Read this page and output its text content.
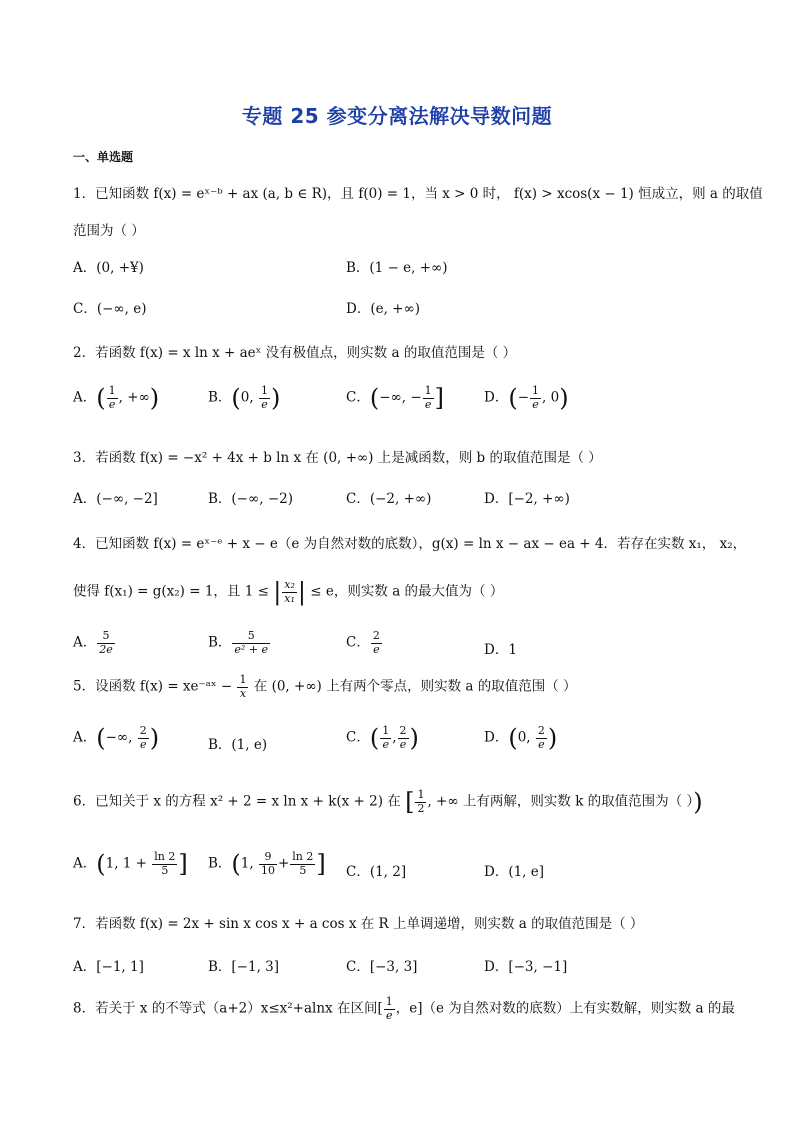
专题 25 参变分离法解决导数问题
一、单选题
1．已知函数 f(x) = eˣ⁻ᵇ + ax (a, b ∈ R)，且 f(0) = 1，当 x > 0 时， f(x) > xcos(x − 1) 恒成立，则 a 的取值
范围为（ ）
A．(0, +¥)	B．(1 − e, +∞)
C．(−∞, e)	D．(e, +∞)
2．若函数 f(x) = x ln x + aeˣ 没有极值点，则实数 a 的取值范围是（ ）
A．( $\frac{1}{e}$ , +∞)	B．(0, $\frac{1}{e}$ )	C．(−∞, − $\frac{1}{e}$ ]	D．(− $\frac{1}{e}$ , 0)
3．若函数 f(x) = −x² + 4x + b ln x 在 (0, +∞) 上是减函数，则 b 的取值范围是（ ）
A．(−∞, −2]	B．(−∞, −2)	C．(−2, +∞)	D．[−2, +∞)
4．已知函数 f(x) = eˣ⁻ᵉ + x − e（e 为自然对数的底数），g(x) = ln x − ax − ea + 4．若存在实数 x₁， x₂，
使得 f(x₁) = g(x₂) = 1，且 1 ≤ | $\frac{\text{x₂}}{\text{x₁}}$ | ≤ e，则实数 a 的最大值为（ ）
A． $\frac{5}{2e}$	B． $\frac{5}{\text{e² + e}}$	C． $\frac{2}{e}$	D．1
5．设函数 f(x) = xe⁻ᵃˣ − $\frac{1}{x}$ 在 (0, +∞) 上有两个零点，则实数 a 的取值范围（ ）
A．(−∞, $\frac{2}{e}$ )	B．(1, e)	C．( $\frac{1}{e}$ , $\frac{2}{e}$ )	D．(0, $\frac{2}{e}$ )
6．已知关于 x 的方程 x² + 2 = x ln x + k(x + 2) 在 [ $\frac{1}{2}$ , +∞ 上有两解，则实数 k 的取值范围为（ ）)
A．(1, $1 + \frac{\ln 2}{5}$ ] B．(1, $\frac{9}{10} + \frac{\ln 2}{5}$ ] C．(1, 2]	D．(1, e]
7．若函数 f(x) = 2x + sin x cos x + a cos x 在 R 上单调递增，则实数 a 的取值范围是（ ）
A．[−1, 1]	B．[−1, 3]	C．[−3, 3]	D．[−3, −1]
8．若关于 x 的不等式（a+2）x≤x²+alnx 在区间[ $\frac{1}{e}$ ，e]（e 为自然对数的底数）上有实数解，则实数 a 的最
